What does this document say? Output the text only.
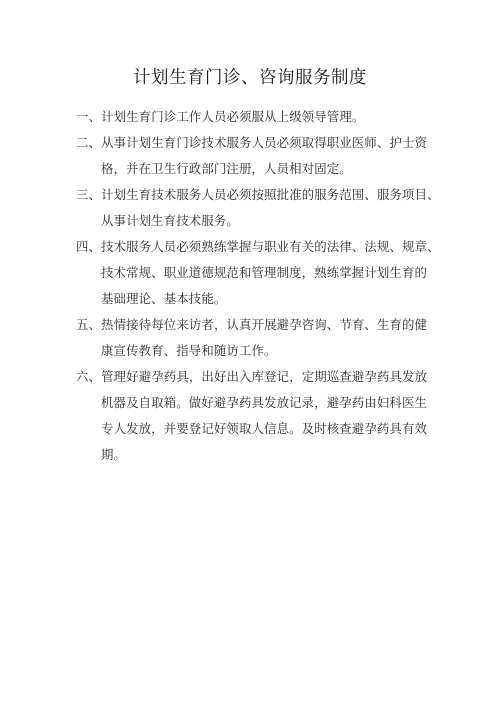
计划生育门诊、咨询服务制度
一、计划生育门诊工作人员必须服从上级领导管理。
二、从事计划生育门诊技术服务人员必须取得职业医师、护士资
格，并在卫生行政部门注册，人员相对固定。
三、计划生育技术服务人员必须按照批准的服务范围、服务项目、
从事计划生育技术服务。
四、技术服务人员必须熟练掌握与职业有关的法律、法规、规章、
技术常规、职业道德规范和管理制度，熟练掌握计划生育的
基础理论、基本技能。
五、热情接待每位来访者，认真开展避孕咨询、节育、生育的健
康宣传教育、指导和随访工作。
六、管理好避孕药具，出好出入库登记，定期巡查避孕药具发放
机器及自取箱。做好避孕药具发放记录，避孕药由妇科医生
专人发放，并要登记好领取人信息。及时核查避孕药具有效
期。
